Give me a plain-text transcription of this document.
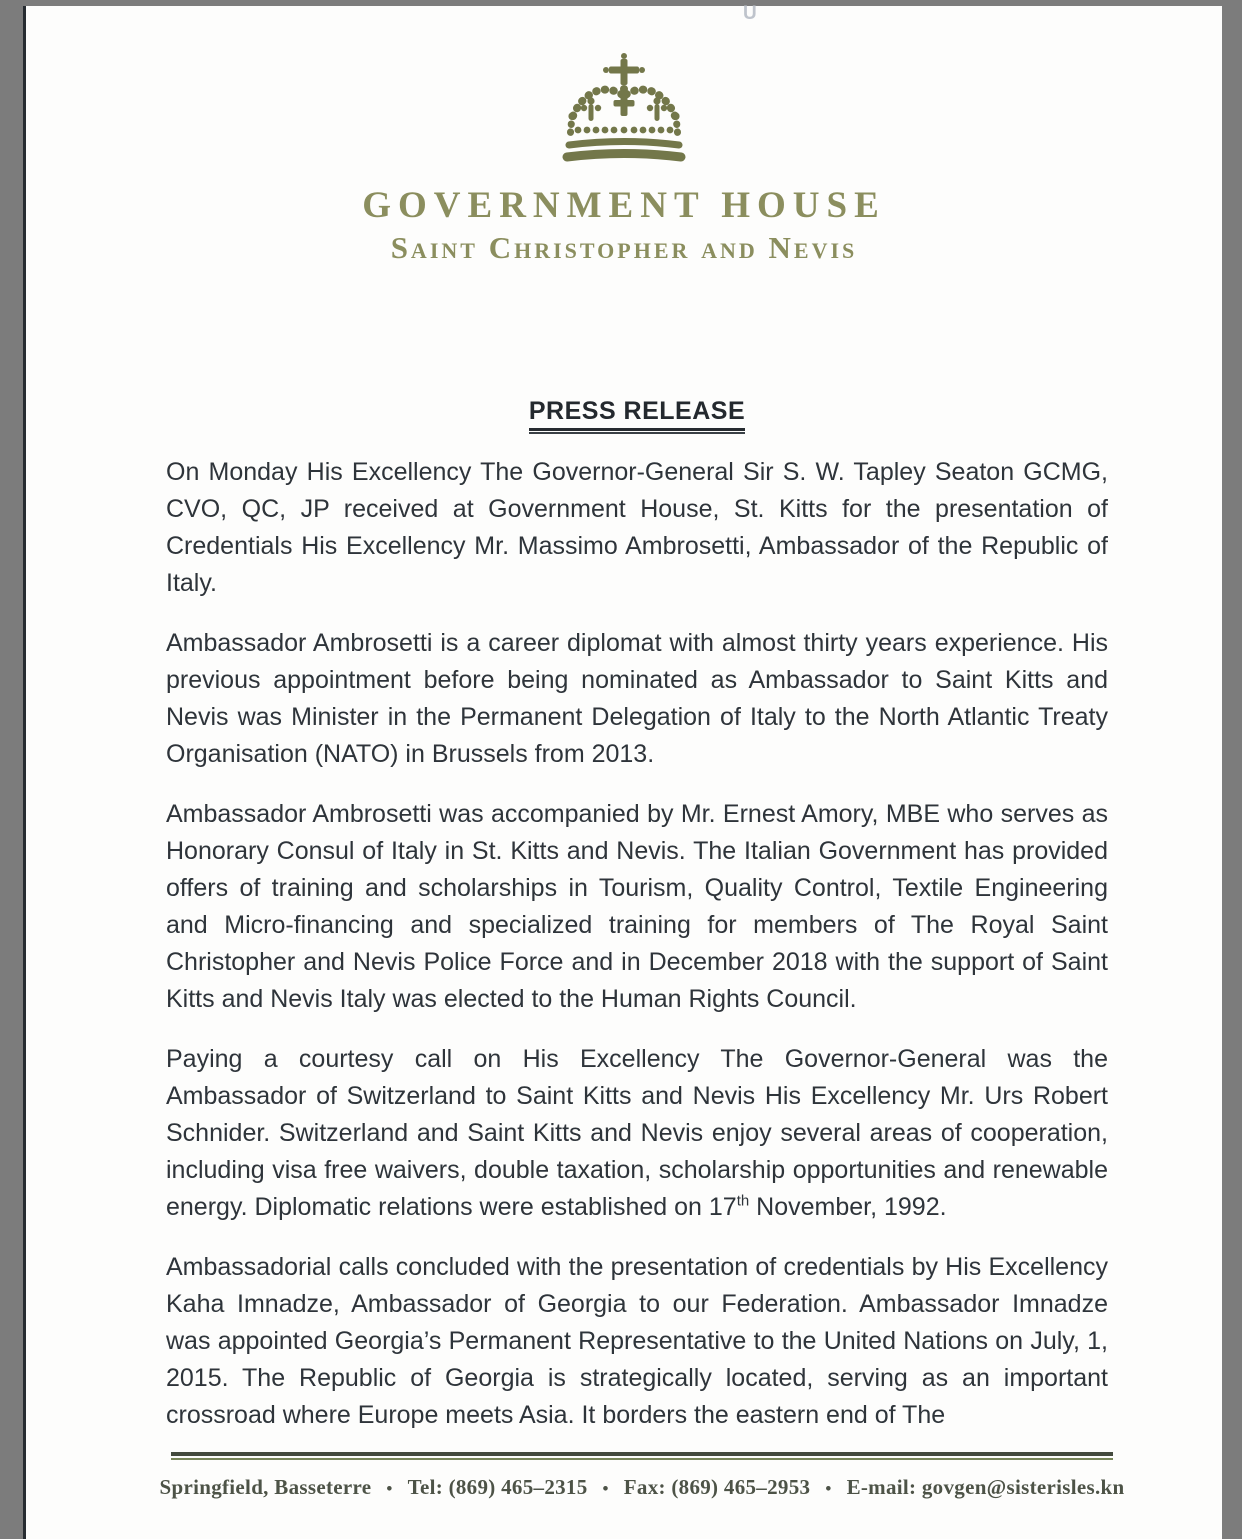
U
GOVERNMENT HOUSE
Saint Christopher and Nevis
PRESS RELEASE

On Monday His Excellency The Governor-General Sir S. W. Tapley Seaton GCMG, CVO, QC, JP received at Government House, St. Kitts for the presentation of Credentials His Excellency Mr. Massimo Ambrosetti, Ambassador of the Republic of Italy.

Ambassador Ambrosetti is a career diplomat with almost thirty years experience. His previous appointment before being nominated as Ambassador to Saint Kitts and Nevis was Minister in the Permanent Delegation of Italy to the North Atlantic Treaty Organisation (NATO) in Brussels from 2013.

Ambassador Ambrosetti was accompanied by Mr. Ernest Amory, MBE who serves as Honorary Consul of Italy in St. Kitts and Nevis. The Italian Government has provided offers of training and scholarships in Tourism, Quality Control, Textile Engineering and Micro-financing and specialized training for members of The Royal Saint Christopher and Nevis Police Force and in December 2018 with the support of Saint Kitts and Nevis Italy was elected to the Human Rights Council.

Paying a courtesy call on His Excellency The Governor-General was the Ambassador of Switzerland to Saint Kitts and Nevis His Excellency Mr. Urs Robert Schnider. Switzerland and Saint Kitts and Nevis enjoy several areas of cooperation, including visa free waivers, double taxation, scholarship opportunities and renewable energy. Diplomatic relations were established on 17th November, 1992.

Ambassadorial calls concluded with the presentation of credentials by His Excellency Kaha Imnadze, Ambassador of Georgia to our Federation. Ambassador Imnadze was appointed Georgia’s Permanent Representative to the United Nations on July, 1, 2015. The Republic of Georgia is strategically located, serving as an important crossroad where Europe meets Asia. It borders the eastern end of The

Springfield, Basseterre • Tel: (869) 465–2315 • Fax: (869) 465–2953 • E-mail: govgen@sisterisles.kn
